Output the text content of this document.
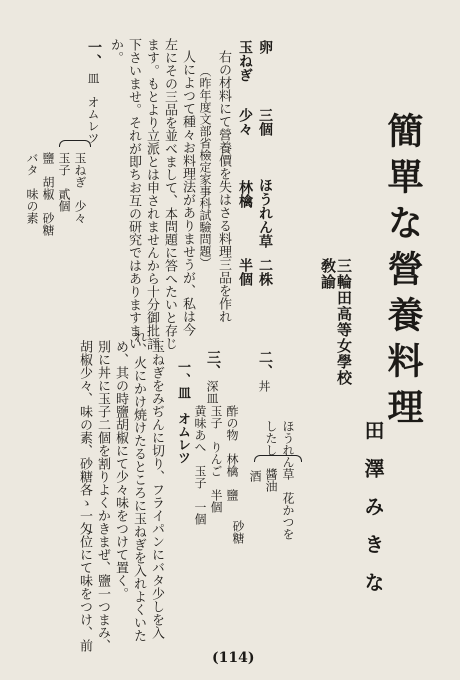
簡單な營養料理
三輪田高等女學校
敎諭
田澤みきな
卵
三個
ほうれん草
二株
玉ねぎ
少々
林檎
半個
右の材料にて營養價を失はさる料理三品を作れ
（昨年度文部省檢定家事科試驗問題）
人によつて種々お料理法がありませうが、私は今
左にその三品を並べまして、本問題に答へたいと存じ
ます。もとより立派とは申されませんから十分御批評
下さいませ。それが即ちお互の研究ではありますまい
か。
一、
皿
オムレツ
玉ねぎ　少々
玉子　貳個
鹽　胡椒　砂糖
バタ　味の素
二、
丼
ほうれん草　花かつを
したし　醬油
酒
三、
深皿
酢の物　林檎　鹽
玉子　りんご　半個
黄味あへ　玉子　一個
砂糖
一、皿　オムレツ
玉ねぎをみぢんに切り、フライパンにバタ少しを入
れ、火にかけ焼けたるところに玉ねぎを入れよくいた
め、其の時鹽胡椒にて少々味をつけて置く。
別に丼に玉子二個を割りよくかきまぜ、鹽一つまみ、
胡椒少々、味の素、砂糖各ゝ一匁位にて味をつけ、前
(114)
